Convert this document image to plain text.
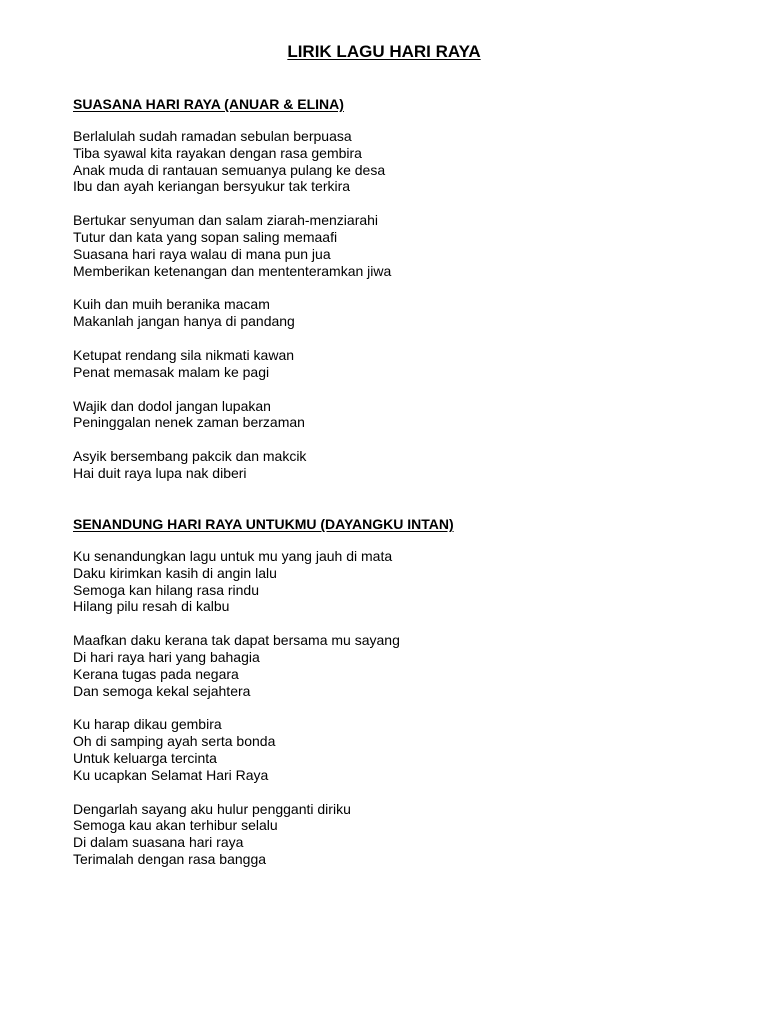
LIRIK LAGU HARI RAYA
SUASANA HARI RAYA (ANUAR & ELINA)
Berlalulah sudah ramadan sebulan berpuasa
Tiba syawal kita rayakan dengan rasa gembira
Anak muda di rantauan semuanya pulang ke desa
Ibu dan ayah keriangan bersyukur tak terkira
Bertukar senyuman dan salam ziarah-menziarahi
Tutur dan kata yang sopan saling memaafi
Suasana hari raya walau di mana pun jua
Memberikan ketenangan dan mententeramkan jiwa
Kuih dan muih beranika macam
Makanlah jangan hanya di pandang
Ketupat rendang sila nikmati kawan
Penat memasak malam ke pagi
Wajik dan dodol jangan lupakan
Peninggalan nenek zaman berzaman
Asyik bersembang pakcik dan makcik
Hai duit raya lupa nak diberi
SENANDUNG HARI RAYA UNTUKMU (DAYANGKU INTAN)
Ku senandungkan lagu untuk mu yang jauh di mata
Daku kirimkan kasih di angin lalu
Semoga kan hilang rasa rindu
Hilang pilu resah di kalbu
Maafkan daku kerana tak dapat bersama mu sayang
Di hari raya hari yang bahagia
Kerana tugas pada negara
Dan semoga kekal sejahtera
Ku harap dikau gembira
Oh di samping ayah serta bonda
Untuk keluarga tercinta
Ku ucapkan Selamat Hari Raya
Dengarlah sayang aku hulur pengganti diriku
Semoga kau akan terhibur selalu
Di dalam suasana hari raya
Terimalah dengan rasa bangga
